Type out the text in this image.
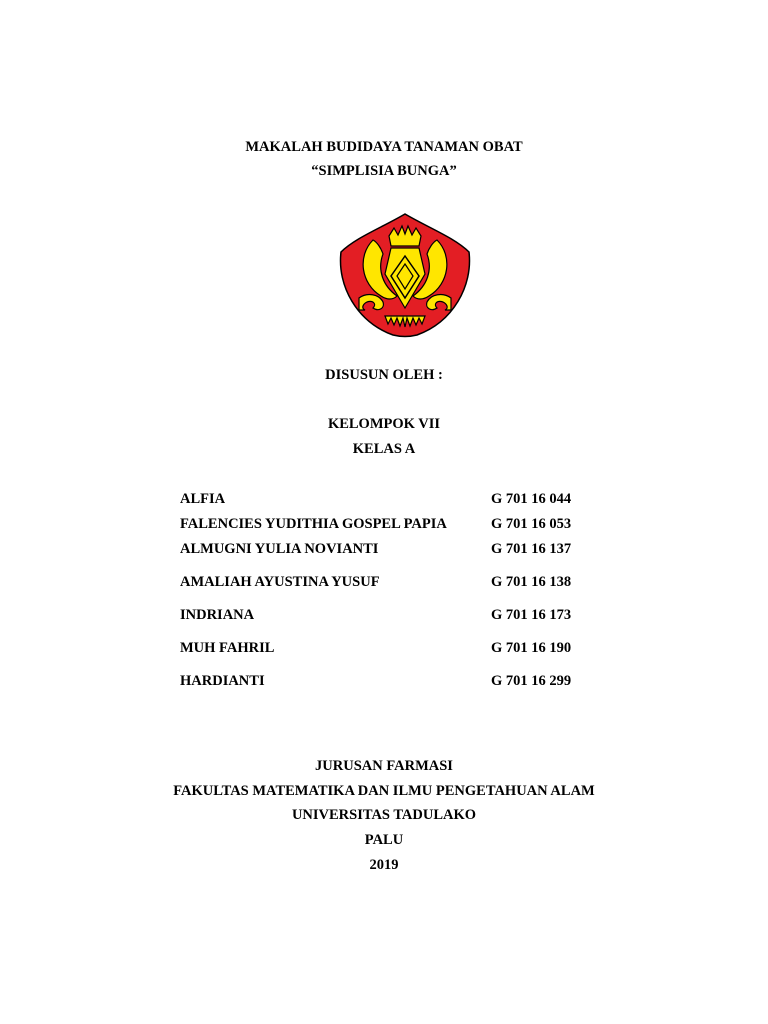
MAKALAH BUDIDAYA TANAMAN OBAT
“SIMPLISIA BUNGA”
DISUSUN OLEH :
KELOMPOK VII
KELAS A
ALFIA	G 701 16 044
FALENCIES YUDITHIA GOSPEL PAPIA	G 701 16 053
ALMUGNI YULIA NOVIANTI	G 701 16 137
AMALIAH AYUSTINA YUSUF	G 701 16 138
INDRIANA	G 701 16 173
MUH FAHRIL	G 701 16 190
HARDIANTI	G 701 16 299
JURUSAN FARMASI
FAKULTAS MATEMATIKA DAN ILMU PENGETAHUAN ALAM
UNIVERSITAS TADULAKO
PALU
2019
